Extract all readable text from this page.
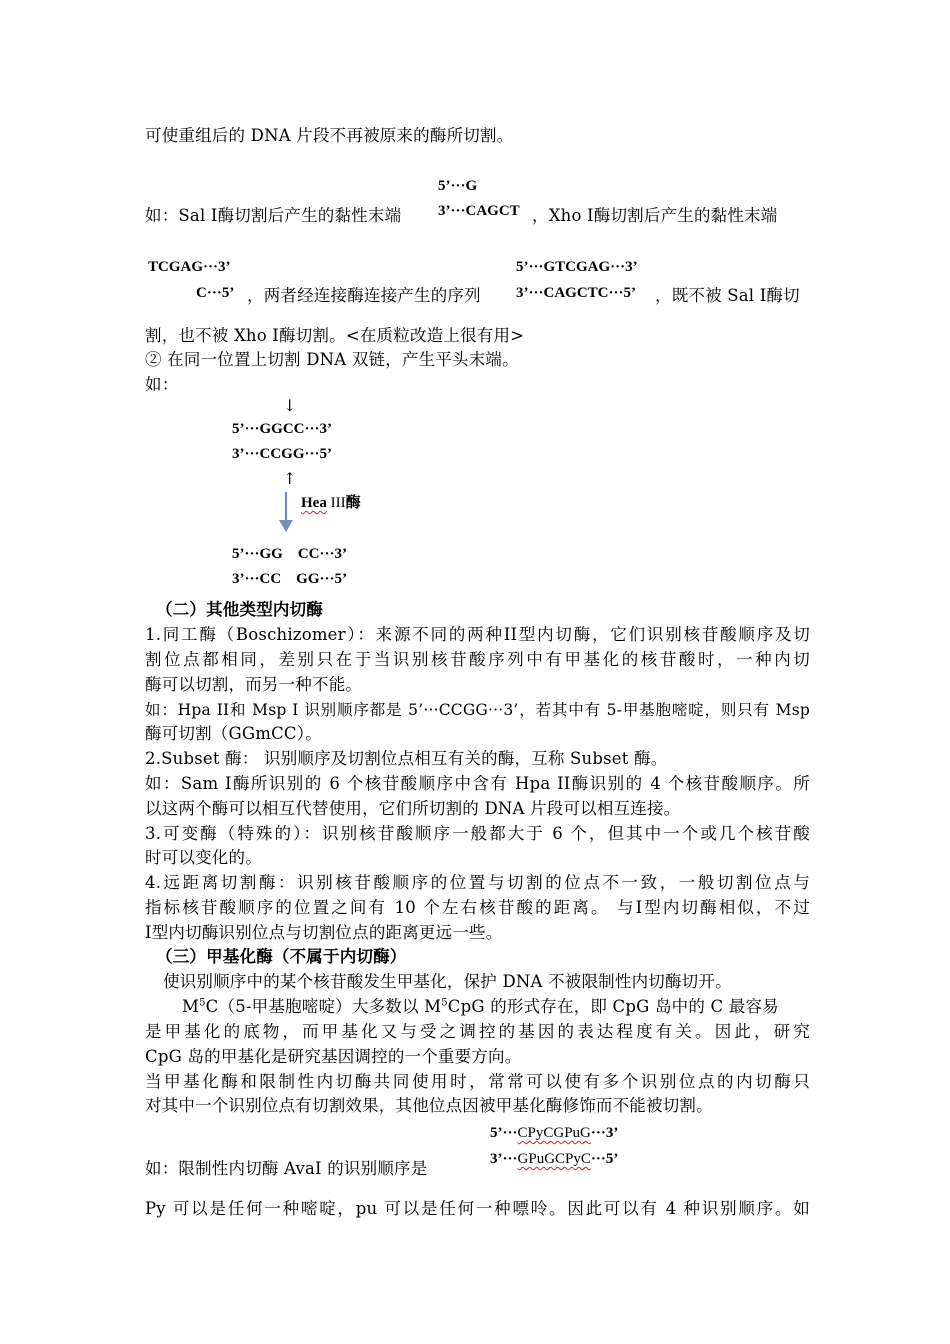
可使重组后的 DNA 片段不再被原来的酶所切割。
5’···G
3’···CAGCT
如：Sal I酶切割后产生的黏性末端	，Xho I酶切割后产生的黏性末端
TCGAG···3’
C···5’ ，两者经连接酶连接产生的序列
5’···GTCGAG···3’
3’···CAGCTC···5’ ，既不被 Sal I酶切
割，也不被 Xho I酶切割。<在质粒改造上很有用>
② 在同一位置上切割 DNA 双链，产生平头末端。
如：
↓
5’···GGCC···3’
3’···CCGG···5’
↑
Hea III酶
5’···GG    CC···3’
3’···CC    GG···5’
（二）其他类型内切酶
1.同工酶（Boschizomer）：来源不同的两种II型内切酶，它们识别核苷酸顺序及切
割位点都相同，差别只在于当识别核苷酸序列中有甲基化的核苷酸时，一种内切
酶可以切割，而另一种不能。
如：Hpa II和 Msp I 识别顺序都是 5’···CCGG···3’，若其中有 5-甲基胞嘧啶，则只有 Msp
酶可切割（GGmCC）。
2.Subset 酶： 识别顺序及切割位点相互有关的酶，互称 Subset 酶。
如：Sam I酶所识别的 6 个核苷酸顺序中含有 Hpa II酶识别的 4 个核苷酸顺序。所
以这两个酶可以相互代替使用，它们所切割的 DNA 片段可以相互连接。
3.可变酶（特殊的）：识别核苷酸顺序一般都大于 6 个，但其中一个或几个核苷酸
时可以变化的。
4.远距离切割酶：识别核苷酸顺序的位置与切割的位点不一致，一般切割位点与
指标核苷酸顺序的位置之间有 10 个左右核苷酸的距离。 与I型内切酶相似，不过
I型内切酶识别位点与切割位点的距离更远一些。
（三）甲基化酶（不属于内切酶）
使识别顺序中的某个核苷酸发生甲基化，保护 DNA 不被限制性内切酶切开。
$M^5C(5-$甲基胞嘧啶）大多数以 $M^5CpG$ 的形式存在，即 CpG 岛中的 C 最容易
是甲基化的底物，而甲基化又与受之调控的基因的表达程度有关。因此，研究
CpG 岛的甲基化是研究基因调控的一个重要方向。
当甲基化酶和限制性内切酶共同使用时，常常可以使有多个识别位点的内切酶只
对其中一个识别位点有切割效果，其他位点因被甲基化酶修饰而不能被切割。
5’···CPyCGPuG···3’
3’···GPuGCPyC···5’
如：限制性内切酶 AvaI 的识别顺序是
Py 可以是任何一种嘧啶，pu 可以是任何一种嘌呤。因此可以有 4 种识别顺序。如
